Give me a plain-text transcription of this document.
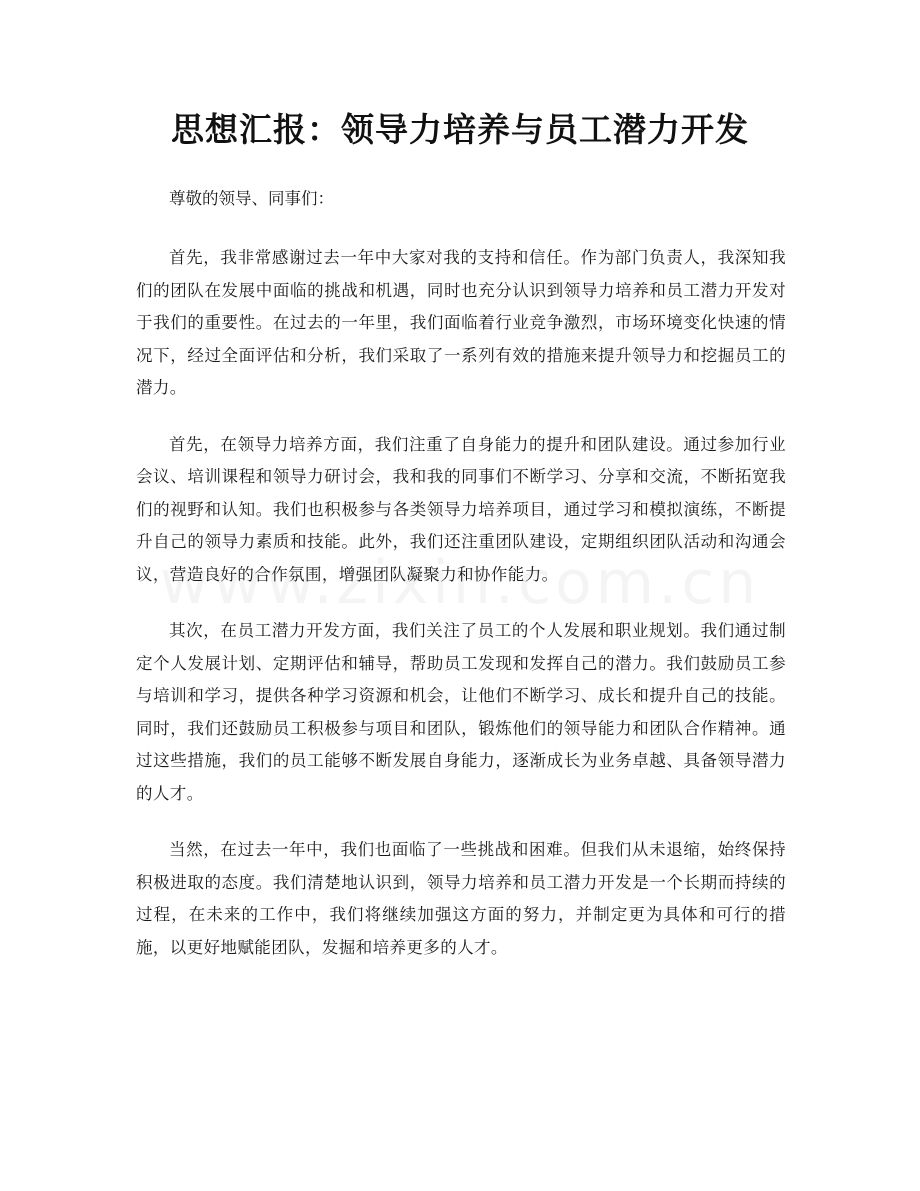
思想汇报：领导力培养与员工潜力开发

尊敬的领导、同事们：

首先，我非常感谢过去一年中大家对我的支持和信任。作为部门负责人，我深知我们的团队在发展中面临的挑战和机遇，同时也充分认识到领导力培养和员工潜力开发对于我们的重要性。在过去的一年里，我们面临着行业竞争激烈，市场环境变化快速的情况下，经过全面评估和分析，我们采取了一系列有效的措施来提升领导力和挖掘员工的潜力。

首先，在领导力培养方面，我们注重了自身能力的提升和团队建设。通过参加行业会议、培训课程和领导力研讨会，我和我的同事们不断学习、分享和交流，不断拓宽我们的视野和认知。我们也积极参与各类领导力培养项目，通过学习和模拟演练，不断提升自己的领导力素质和技能。此外，我们还注重团队建设，定期组织团队活动和沟通会议，营造良好的合作氛围，增强团队凝聚力和协作能力。

其次，在员工潜力开发方面，我们关注了员工的个人发展和职业规划。我们通过制定个人发展计划、定期评估和辅导，帮助员工发现和发挥自己的潜力。我们鼓励员工参与培训和学习，提供各种学习资源和机会，让他们不断学习、成长和提升自己的技能。同时，我们还鼓励员工积极参与项目和团队，锻炼他们的领导能力和团队合作精神。通过这些措施，我们的员工能够不断发展自身能力，逐渐成长为业务卓越、具备领导潜力的人才。

当然，在过去一年中，我们也面临了一些挑战和困难。但我们从未退缩，始终保持积极进取的态度。我们清楚地认识到，领导力培养和员工潜力开发是一个长期而持续的过程，在未来的工作中，我们将继续加强这方面的努力，并制定更为具体和可行的措施，以更好地赋能团队，发掘和培养更多的人才。
